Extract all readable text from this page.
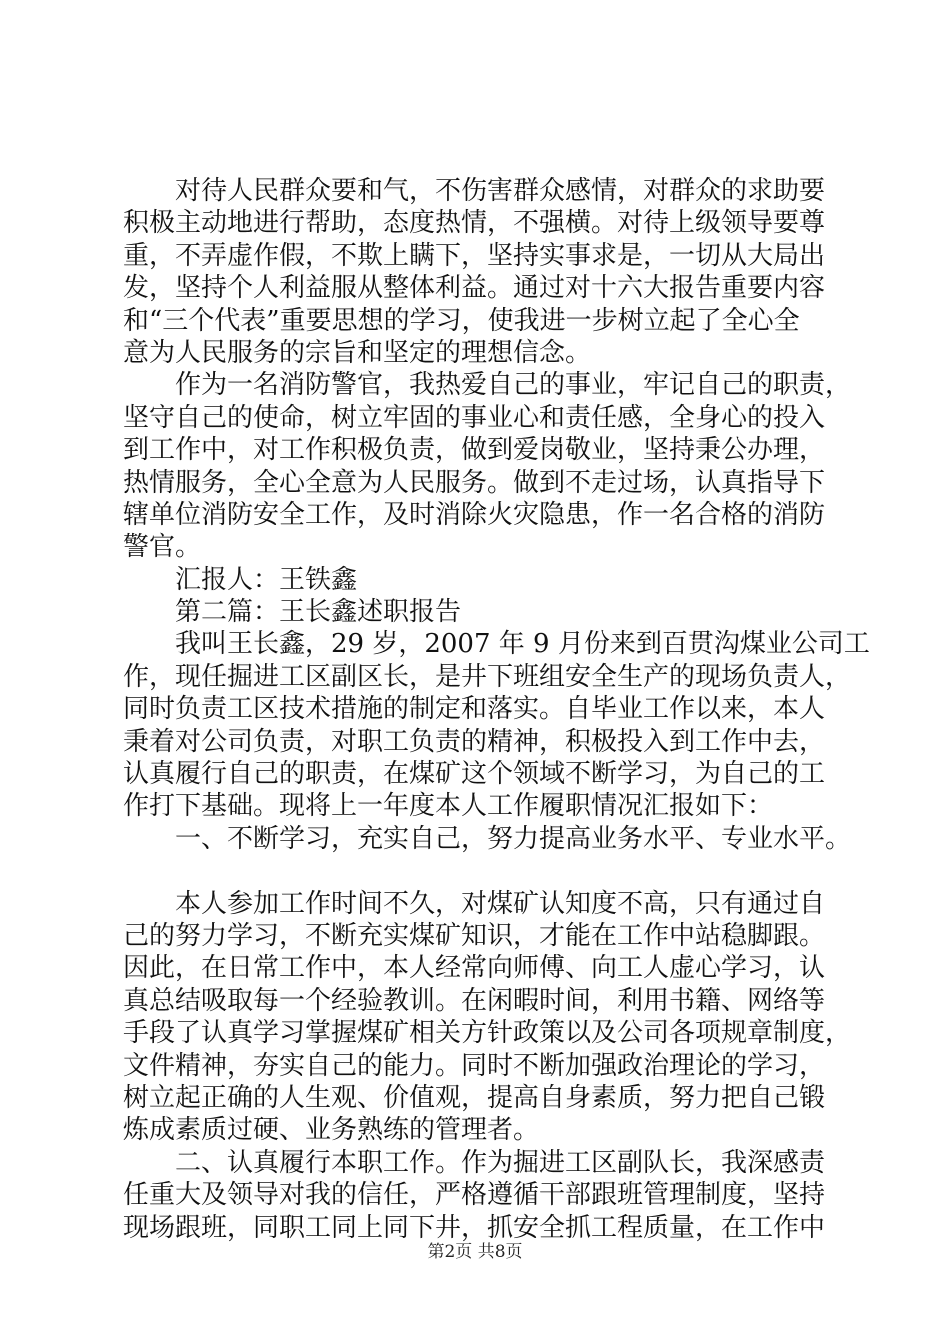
　　对待人民群众要和气，不伤害群众感情，对群众的求助要
积极主动地进行帮助，态度热情，不强横。对待上级领导要尊
重，不弄虚作假，不欺上瞒下，坚持实事求是，一切从大局出
发，坚持个人利益服从整体利益。通过对十六大报告重要内容
和“三个代表”重要思想的学习，使我进一步树立起了全心全
意为人民服务的宗旨和坚定的理想信念。
　　作为一名消防警官，我热爱自己的事业，牢记自己的职责，
坚守自己的使命，树立牢固的事业心和责任感，全身心的投入
到工作中，对工作积极负责，做到爱岗敬业，坚持秉公办理，
热情服务，全心全意为人民服务。做到不走过场，认真指导下
辖单位消防安全工作，及时消除火灾隐患，作一名合格的消防
警官。
　　汇报人：王铁鑫
　　第二篇：王长鑫述职报告
　　我叫王长鑫，29 岁，2007 年 9 月份来到百贯沟煤业公司工
作，现任掘进工区副区长，是井下班组安全生产的现场负责人，
同时负责工区技术措施的制定和落实。自毕业工作以来，本人
秉着对公司负责，对职工负责的精神，积极投入到工作中去，
认真履行自己的职责，在煤矿这个领域不断学习，为自己的工
作打下基础。现将上一年度本人工作履职情况汇报如下：
　　一、不断学习，充实自己，努力提高业务水平、专业水平。
　　本人参加工作时间不久，对煤矿认知度不高，只有通过自
己的努力学习，不断充实煤矿知识，才能在工作中站稳脚跟。
因此，在日常工作中，本人经常向师傅、向工人虚心学习，认
真总结吸取每一个经验教训。在闲暇时间，利用书籍、网络等
手段了认真学习掌握煤矿相关方针政策以及公司各项规章制度，
文件精神，夯实自己的能力。同时不断加强政治理论的学习，
树立起正确的人生观、价值观，提高自身素质，努力把自己锻
炼成素质过硬、业务熟练的管理者。
　　二、认真履行本职工作。作为掘进工区副队长，我深感责
任重大及领导对我的信任，严格遵循干部跟班管理制度，坚持
现场跟班，同职工同上同下井，抓安全抓工程质量，在工作中
第2页 共8页
